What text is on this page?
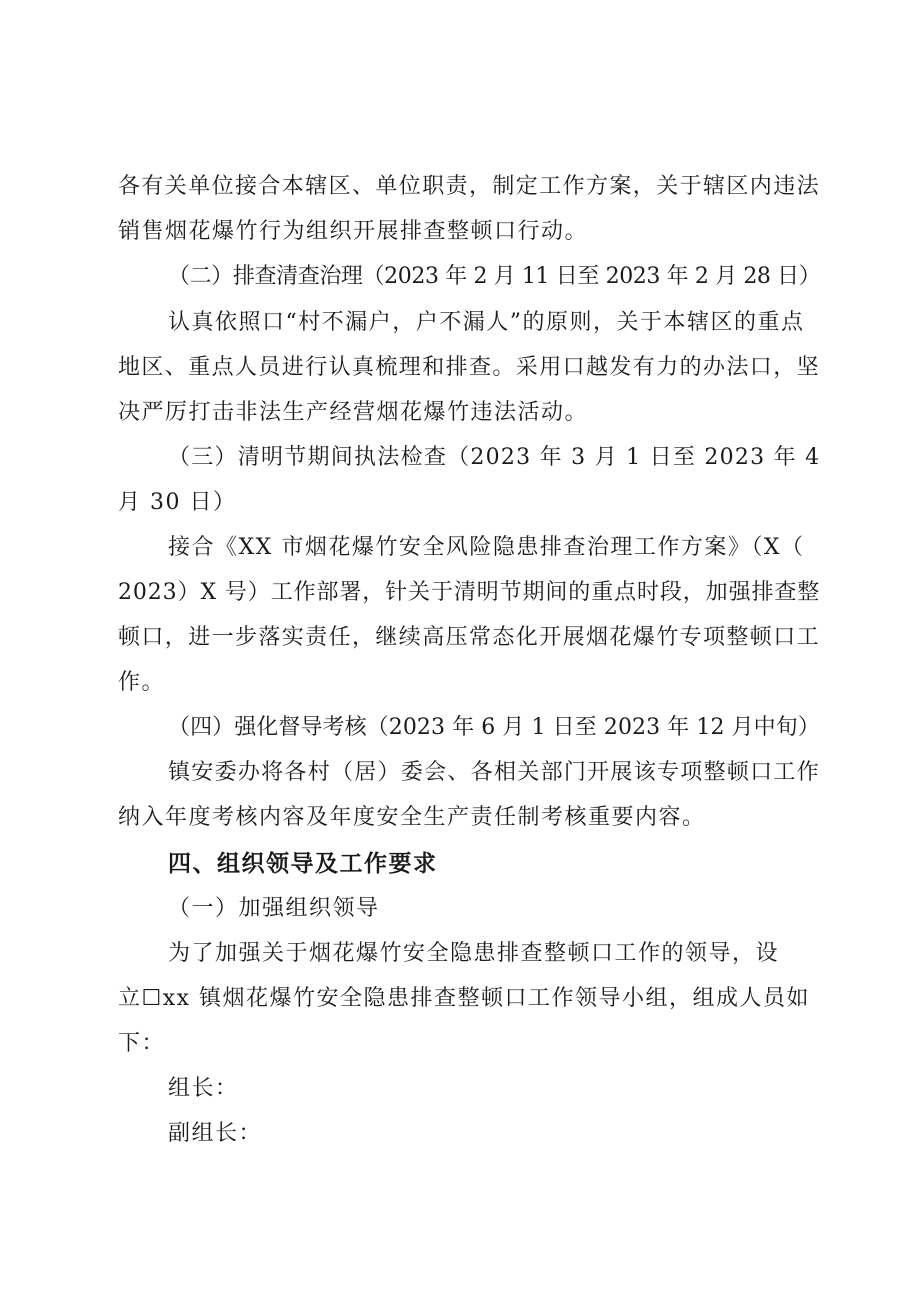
各有关单位接合本辖区、单位职责，制定工作方案，关于辖区内违法
销售烟花爆竹行为组织开展排查整顿口行动。
（二）排查清查治理（2023 年 2 月 11 日至 2023 年 2 月 28 日）
认真依照口“村不漏户，户不漏人”的原则，关于本辖区的重点
地区、重点人员进行认真梳理和排查。采用口越发有力的办法口，坚
决严厉打击非法生产经营烟花爆竹违法活动。
（三）清明节期间执法检查（2023 年 3 月 1 日至 2023 年 4
月 30 日）
接合《XX 市烟花爆竹安全风险隐患排查治理工作方案》（X（
2023）X 号）工作部署，针关于清明节期间的重点时段，加强排查整
顿口，进一步落实责任，继续高压常态化开展烟花爆竹专项整顿口工
作。
（四）强化督导考核（2023 年 6 月 1 日至 2023 年 12 月中旬）
镇安委办将各村（居）委会、各相关部门开展该专项整顿口工作
纳入年度考核内容及年度安全生产责任制考核重要内容。
四、组织领导及工作要求
（一）加强组织领导
为了加强关于烟花爆竹安全隐患排查整顿口工作的领导，设
立☐xx 镇烟花爆竹安全隐患排查整顿口工作领导小组，组成人员如
下：
组长：
副组长：
